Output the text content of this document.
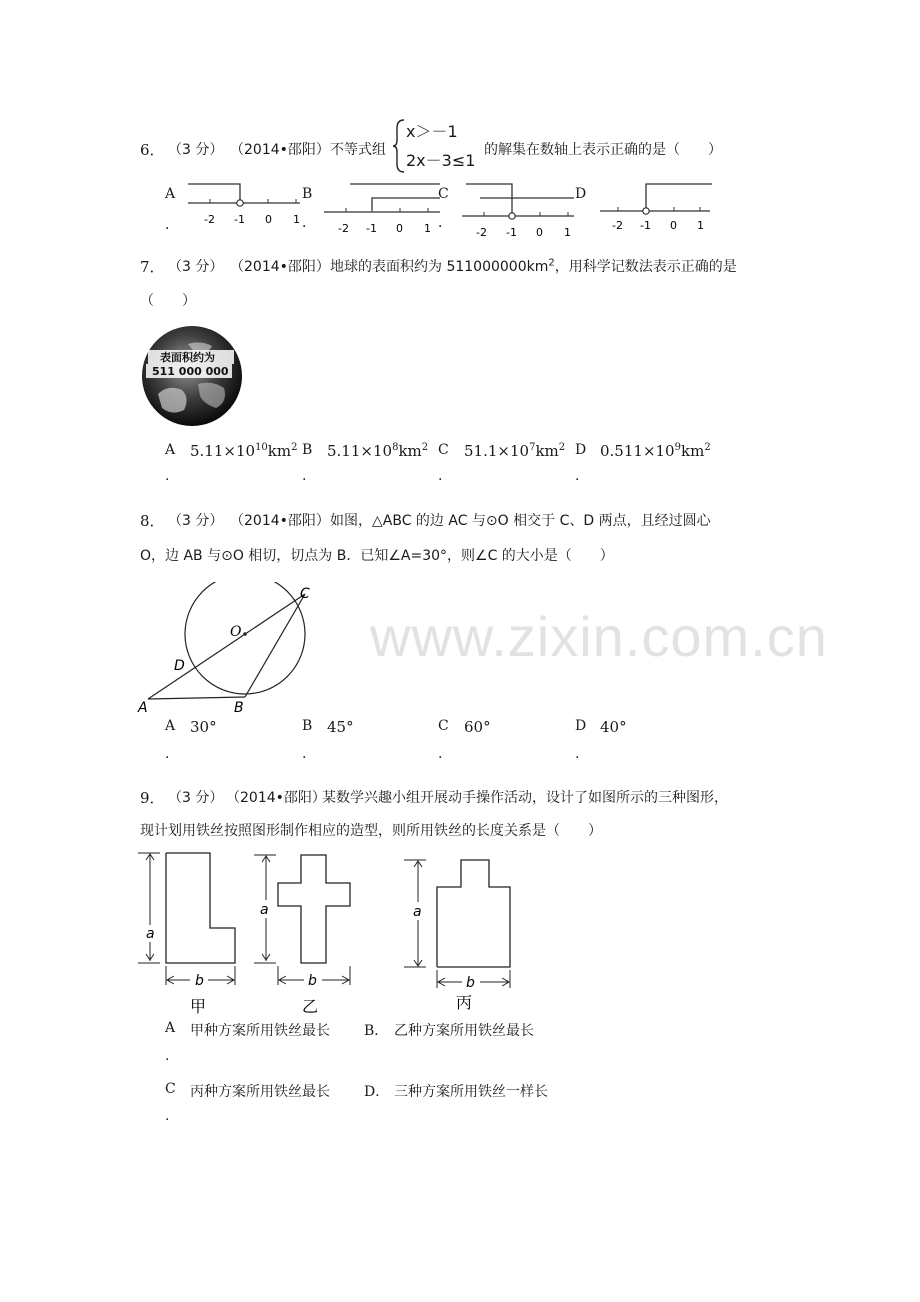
www.zixin.com.cn
6． （3 分） （2014•邵阳） 不等式组
x＞－1
2x－3≤1
的解集在数轴上表示正确的是（　　）
A
． -2 -1 0 1
B
． -2 -1 0 1
C
．
-2 -1 0 1
D
-2 -1 0 1
7． （3 分） （2014•邵阳） 地球的表面积约为 $511000000km^2$，用科学记数法表示正确的是
（　　）
表面积约为
511 000 000
A
.
$5.11\times 10^{10}km^2$ B
.
$5.11\times 10^8km^2$ C
.
$51.1\times 10^7km^2$ D
.
$0.511\times 10^9km^2$
8． （3 分） （2014•邵阳） 如图，△ABC 的边 AC 与⊙O 相交于 C、D 两点，且经过圆心
O，边 AB 与⊙O 相切，切点为 B．已知∠A=30°，则∠C 的大小是（　　）
O
C
D
A	B
A
.
30°	B
.
45°	C
.
60°	D
.
40°
9． （3 分） （2014•邵阳）
某数学兴趣小组开展动手操作活动，设计了如图所示的三种图形，
现计划用铁丝按照图形制作相应的造型，则所用铁丝的长度关系是（　　）
a
b
甲
a
b
乙
a
b
丙
A
.
甲种方案所用铁丝最长 B． 乙种方案所用铁丝最长
C
.
丙种方案所用铁丝最长 D． 三种方案所用铁丝一样长
